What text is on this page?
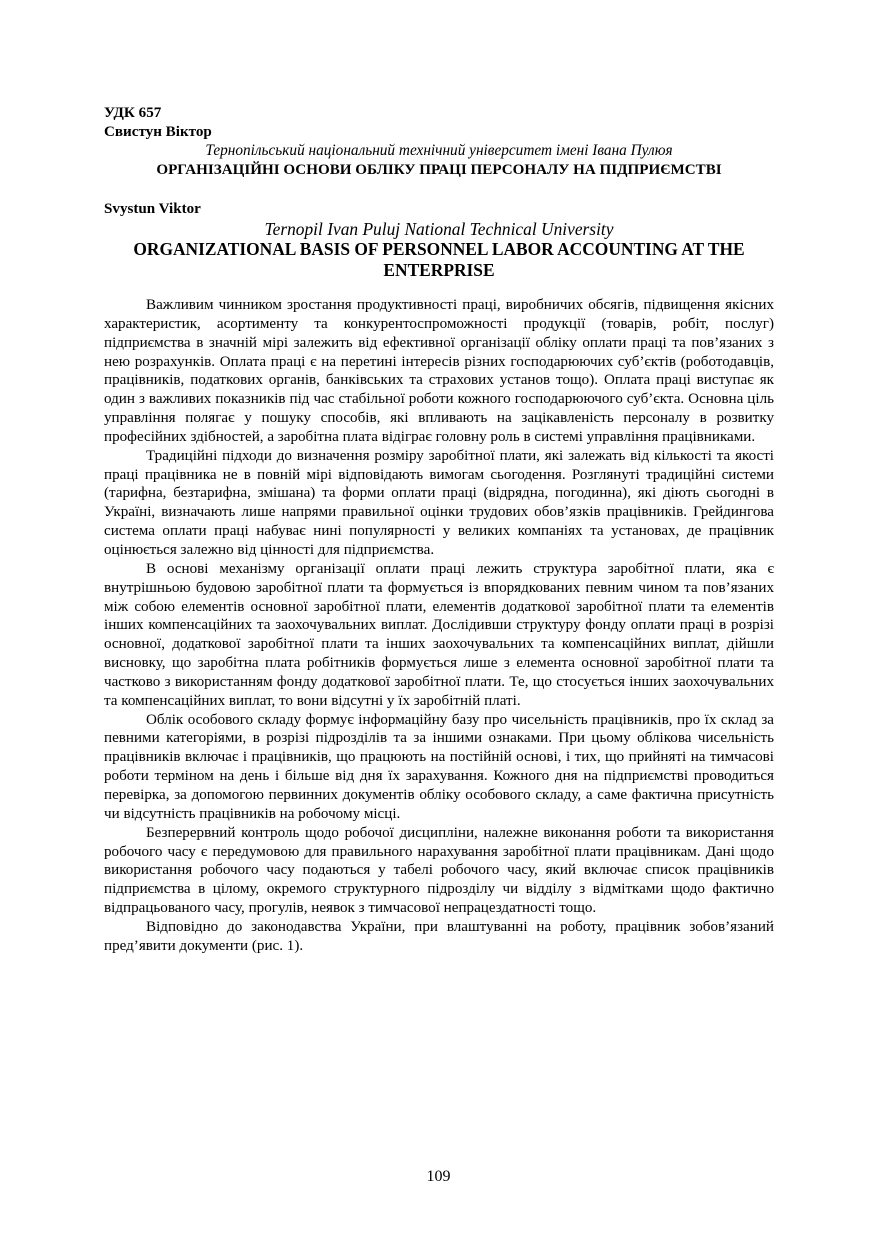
УДК 657
Свистун Віктор
Тернопільський національний технічний університет імені Івана Пулюя
ОРГАНІЗАЦІЙНІ ОСНОВИ ОБЛІКУ ПРАЦІ ПЕРСОНАЛУ НА ПІДПРИЄМСТВІ
Svystun Viktor
Ternopil Ivan Puluj National Technical University
ORGANIZATIONAL BASIS OF PERSONNEL LABOR ACCOUNTING AT THE
ENTERPRISE

Важливим чинником зростання продуктивності праці, виробничих обсягів, підвищення якісних характеристик, асортименту та конкурентоспроможності продукції (товарів, робіт, послуг) підприємства в значній мірі залежить від ефективної організації обліку оплати праці та пов’язаних з нею розрахунків. Оплата праці є на перетині інтересів різних господарюючих суб’єктів (роботодавців, працівників, податкових органів, банківських та страхових установ тощо). Оплата праці виступає як один з важливих показників під час стабільної роботи кожного господарюючого суб’єкта. Основна ціль управління полягає у пошуку способів, які впливають на зацікавленість персоналу в розвитку професійних здібностей, а заробітна плата відіграє головну роль в системі управління працівниками.

Традиційні підходи до визначення розміру заробітної плати, які залежать від кількості та якості праці працівника не в повній мірі відповідають вимогам сьогодення. Розглянуті традиційні системи (тарифна, безтарифна, змішана) та форми оплати праці (відрядна, погодинна), які діють сьогодні в Україні, визначають лише напрями правильної оцінки трудових обов’язків працівників. Грейдингова система оплати праці набуває нині популярності у великих компаніях та установах, де працівник оцінюється залежно від цінності для підприємства.

В основі механізму організації оплати праці лежить структура заробітної плати, яка є внутрішньою будовою заробітної плати та формується із впорядкованих певним чином та пов’язаних між собою елементів основної заробітної плати, елементів додаткової заробітної плати та елементів інших компенсаційних та заохочувальних виплат. Дослідивши структуру фонду оплати праці в розрізі основної, додаткової заробітної плати та інших заохочувальних та компенсаційних виплат, дійшли висновку, що заробітна плата робітників формується лише з елемента основної заробітної плати та частково з використанням фонду додаткової заробітної плати. Те, що стосується інших заохочувальних та компенсаційних виплат, то вони відсутні у їх заробітній платі.

Облік особового складу формує інформаційну базу про чисельність працівників, про їх склад за певними категоріями, в розрізі підрозділів та за іншими ознаками. При цьому облікова чисельність працівників включає і працівників, що працюють на постійній основі, і тих, що прийняті на тимчасові роботи терміном на день і більше від дня їх зарахування. Кожного дня на підприємстві проводиться перевірка, за допомогою первинних документів обліку особового складу, а саме фактична присутність чи відсутність працівників на робочому місці.

Безперервний контроль щодо робочої дисципліни, належне виконання роботи та використання робочого часу є передумовою для правильного нарахування заробітної плати працівникам. Дані щодо використання робочого часу подаються у табелі робочого часу, який включає список працівників підприємства в цілому, окремого структурного підрозділу чи відділу з відмітками щодо фактично відпрацьованого часу, прогулів, неявок з тимчасової непрацездатності тощо.

Відповідно до законодавства України, при влаштуванні на роботу, працівник зобов’язаний пред’явити документи (рис. 1).

109
